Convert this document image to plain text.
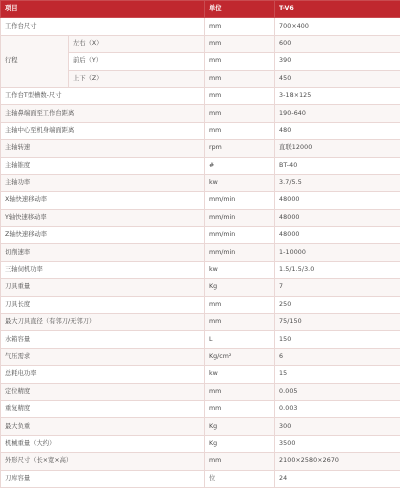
项目		单位	T-V6
工作台尺寸		mm	700×400
行程	左右（X）	mm	600
	前后（Y）	mm	390
	上下（Z）	mm	450
工作台T型槽数-尺寸		mm	3-18×125
主轴鼻端面至工作台距离		mm	190-640
主轴中心至机身端面距离		mm	480
主轴转速		rpm	直联12000
主轴锥度		#	BT-40
主轴功率		kw	3.7/5.5
X轴快速移动率		mm/min	48000
Y轴快速移动率		mm/min	48000
Z轴快速移动率		mm/min	48000
切削速率		mm/min	1-10000
三轴伺机功率		kw	1.5/1.5/3.0
刀具重量		Kg	7
刀具长度		mm	250
最大刀具直径（有邻刀/无邻刀）		mm	75/150
水箱容量		L	150
气压需求		Kg/cm²	6
总耗电功率		kw	15
定位精度		mm	0.005
重复精度		mm	0.003
最大负重		Kg	300
机械重量（大约）		Kg	3500
外形尺寸（长×宽×高）		mm	2100×2580×2670
刀库容量		位	24
